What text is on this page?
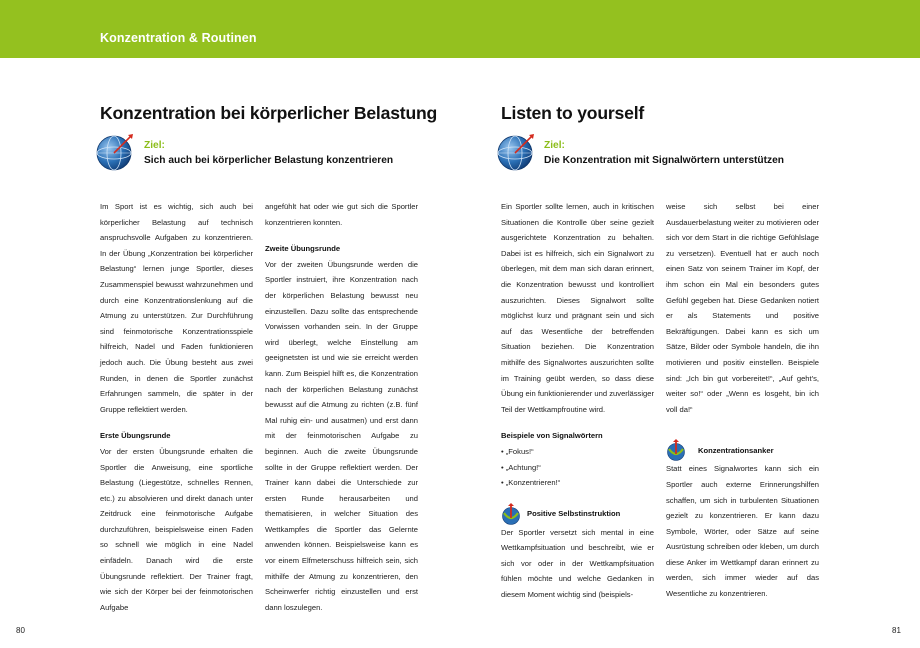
Konzentration & Routinen
Konzentration bei körperlicher Belastung
Ziel:
Sich auch bei körperlicher Belastung konzentrieren

Im Sport ist es wichtig, sich auch bei körperlicher Belastung auf technisch anspruchsvolle Aufgaben zu konzentrieren. In der Übung „Konzentration bei körperlicher Belastung“ lernen junge Sportler, dieses Zusammenspiel bewusst wahrzunehmen und durch eine Konzentrationslenkung auf die Atmung zu unterstützen. Zur Durchführung sind feinmotorische Konzentrationsspiele hilfreich, Nadel und Faden funktionieren jedoch auch. Die Übung besteht aus zwei Runden, in denen die Sportler zunächst Erfahrungen sammeln, die später in der Gruppe reflektiert werden.

Erste Übungsrunde

Vor der ersten Übungsrunde erhalten die Sportler die Anweisung, eine sportliche Belastung (Liegestütze, schnelles Rennen, etc.) zu absolvieren und direkt danach unter Zeitdruck eine feinmotorische Aufgabe durchzuführen, beispielsweise einen Faden so schnell wie möglich in eine Nadel einfädeln. Danach wird die erste Übungsrunde reflektiert. Der Trainer fragt, wie sich der Körper bei der feinmotorischen Aufgabe

angefühlt hat oder wie gut sich die Sportler konzentrieren konnten.

Zweite Übungsrunde

Vor der zweiten Übungsrunde werden die Sportler instruiert, ihre Konzentration nach der körperlichen Belastung bewusst neu einzustellen. Dazu sollte das entsprechende Vorwissen vorhanden sein. In der Gruppe wird überlegt, welche Einstellung am geeignetsten ist und wie sie erreicht werden kann. Zum Beispiel hilft es, die Konzentration nach der körperlichen Belastung zunächst bewusst auf die Atmung zu richten (z.B. fünf Mal ruhig ein- und ausatmen) und erst dann mit der feinmotorischen Aufgabe zu beginnen. Auch die zweite Übungsrunde sollte in der Gruppe reflektiert werden. Der Trainer kann dabei die Unterschiede zur ersten Runde herausarbeiten und thematisieren, in welcher Situation des Wettkampfes die Sportler das Gelernte anwenden können. Beispielsweise kann es vor einem Elfmeterschuss hilfreich sein, sich mithilfe der Atmung zu konzentrieren, den Scheinwerfer richtig einzustellen und erst dann loszulegen.

80
Listen to yourself
Ziel:
Die Konzentration mit Signalwörtern unterstützen

Ein Sportler sollte lernen, auch in kritischen Situationen die Kontrolle über seine gezielt ausgerichtete Konzentration zu behalten. Dabei ist es hilfreich, sich ein Signalwort zu überlegen, mit dem man sich daran erinnert, die Konzentration bewusst und kontrolliert auszurichten. Dieses Signalwort sollte möglichst kurz und prägnant sein und sich auf das Wesentliche der betreffenden Situation beziehen. Die Konzentration mithilfe des Signalwortes auszurichten sollte im Training geübt werden, so dass diese Übung ein funktionierender und zuverlässiger Teil der Wettkampfroutine wird.

Beispiele von Signalwörtern

• „Fokus!“
• „Achtung!“
• „Konzentrieren!“

Positive Selbstinstruktion

Der Sportler versetzt sich mental in eine Wettkampfsituation und beschreibt, wie er sich vor oder in der Wettkampfsituation fühlen möchte und welche Gedanken in diesem Moment wichtig sind (beispiels-

weise sich selbst bei einer Ausdauerbelastung weiter zu motivieren oder sich vor dem Start in die richtige Gefühlslage zu versetzen). Eventuell hat er auch noch einen Satz von seinem Trainer im Kopf, der ihm schon ein Mal ein besonders gutes Gefühl gegeben hat. Diese Gedanken notiert er als Statements und positive Bekräftigungen. Dabei kann es sich um Sätze, Bilder oder Symbole handeln, die ihn motivieren und positiv einstellen. Beispiele sind: „Ich bin gut vorbereitet!“, „Auf geht's, weiter so!“ oder „Wenn es losgeht, bin ich voll da!“

Konzentrationsanker

Statt eines Signalwortes kann sich ein Sportler auch externe Erinnerungshilfen schaffen, um sich in turbulenten Situationen gezielt zu konzentrieren. Er kann dazu Symbole, Wörter, oder Sätze auf seine Ausrüstung schreiben oder kleben, um durch diese Anker im Wettkampf daran erinnert zu werden, sich immer wieder auf das Wesentliche zu konzentrieren.

81
